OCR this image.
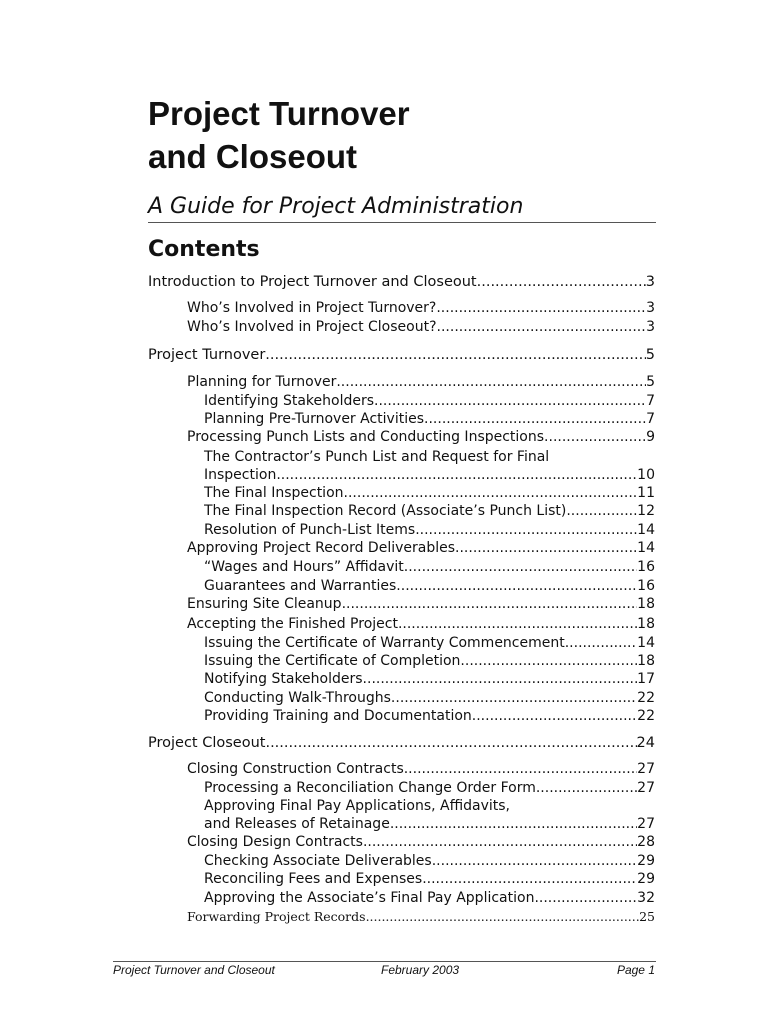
Project Turnover
and Closeout
A Guide for Project Administration
Contents
Introduction to Project Turnover and Closeout .....	3
Who’s Involved in Project Turnover? .....	3
Who’s Involved in Project Closeout? .....	3
Project Turnover .....	5
Planning for Turnover .....	5
Identifying Stakeholders .....	7
Planning Pre-Turnover Activities .....	7
Processing Punch Lists and Conducting Inspections .....	9
The Contractor’s Punch List and Request for Final
Inspection .....	10
The Final Inspection .....	11
The Final Inspection Record (Associate’s Punch List) .....	12
Resolution of Punch-List Items .....	14
Approving Project Record Deliverables .....	14
“Wages and Hours” Affidavit .....	16
Guarantees and Warranties .....	16
Ensuring Site Cleanup .....	18
Accepting the Finished Project .....	18
Issuing the Certificate of Warranty Commencement .....	14
Issuing the Certificate of Completion .....	18
Notifying Stakeholders .....	17
Conducting Walk-Throughs .....	22
Providing Training and Documentation .....	22
Project Closeout .....	24
Closing Construction Contracts .....	27
Processing a Reconciliation Change Order Form .....	27
Approving Final Pay Applications, Affidavits,
and Releases of Retainage .....	27
Closing Design Contracts .....	28
Checking Associate Deliverables .....	29
Reconciling Fees and Expenses .....	29
Approving the Associate’s Final Pay Application .....	32
Forwarding Project Records .....	25
Project Turnover and Closeout	February 2003	Page 1
